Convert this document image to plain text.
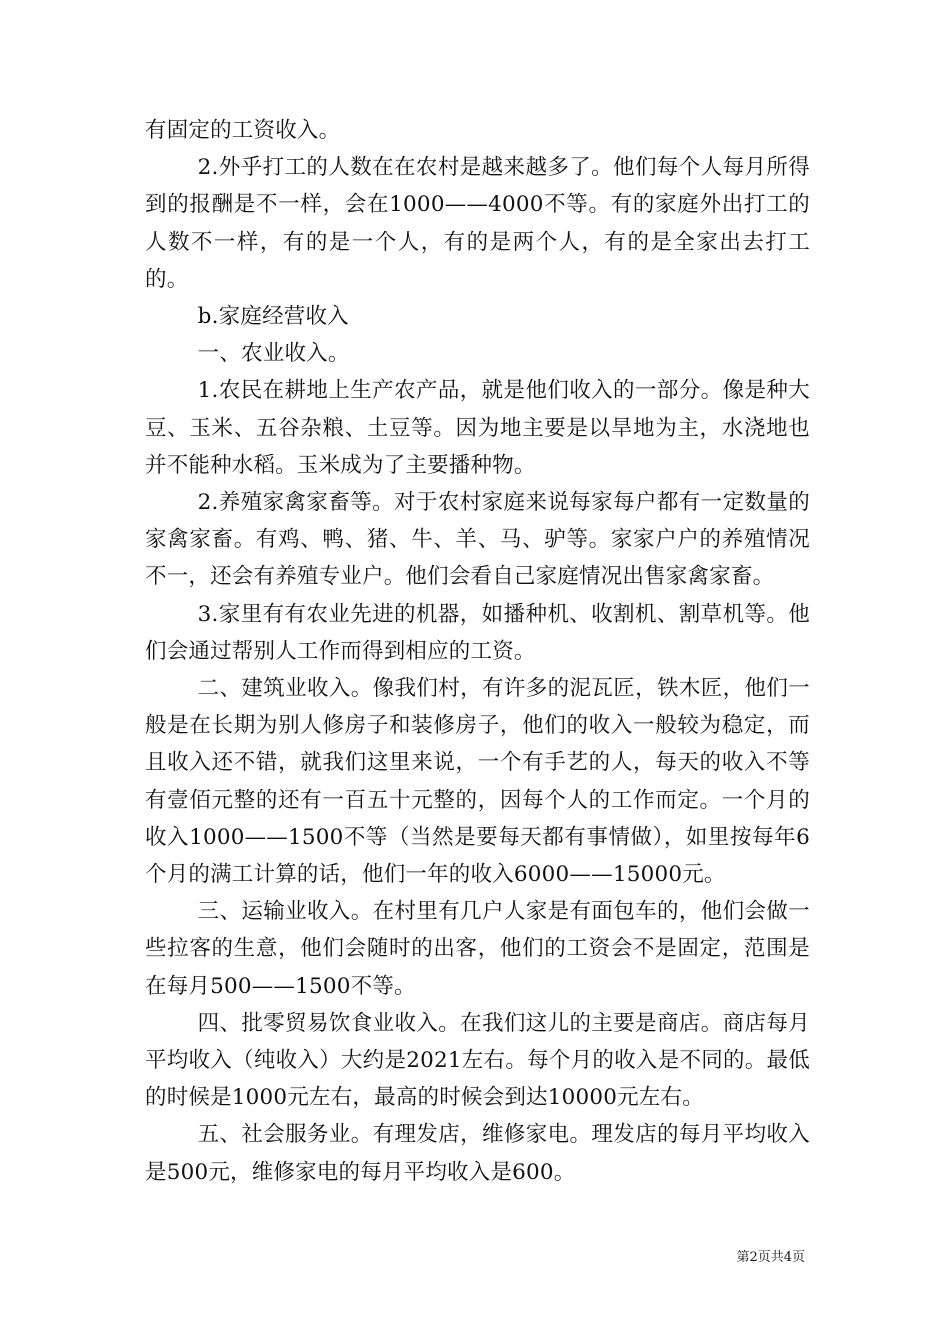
有固定的工资收入。

2.外乎打工的人数在在农村是越来越多了。他们每个人每月所得到的报酬是不一样，会在1000——4000不等。有的家庭外出打工的人数不一样，有的是一个人，有的是两个人，有的是全家出去打工的。

b.家庭经营收入

一、农业收入。

1.农民在耕地上生产农产品，就是他们收入的一部分。像是种大豆、玉米、五谷杂粮、土豆等。因为地主要是以旱地为主，水浇地也并不能种水稻。玉米成为了主要播种物。

2.养殖家禽家畜等。对于农村家庭来说每家每户都有一定数量的家禽家畜。有鸡、鸭、猪、牛、羊、马、驴等。家家户户的养殖情况不一，还会有养殖专业户。他们会看自己家庭情况出售家禽家畜。

3.家里有有农业先进的机器，如播种机、收割机、割草机等。他们会通过帮别人工作而得到相应的工资。

二、建筑业收入。像我们村，有许多的泥瓦匠，铁木匠，他们一般是在长期为别人修房子和装修房子，他们的收入一般较为稳定，而且收入还不错，就我们这里来说，一个有手艺的人，每天的收入不等有壹佰元整的还有一百五十元整的，因每个人的工作而定。一个月的收入1000——1500不等（当然是要每天都有事情做），如里按每年6个月的满工计算的话，他们一年的收入6000——15000元。

三、运输业收入。在村里有几户人家是有面包车的，他们会做一些拉客的生意，他们会随时的出客，他们的工资会不是固定，范围是在每月500——1500不等。

四、批零贸易饮食业收入。在我们这儿的主要是商店。商店每月平均收入（纯收入）大约是2021左右。每个月的收入是不同的。最低的时候是1000元左右，最高的时候会到达10000元左右。

五、社会服务业。有理发店，维修家电。理发店的每月平均收入是500元，维修家电的每月平均收入是600。

第2页共4页
